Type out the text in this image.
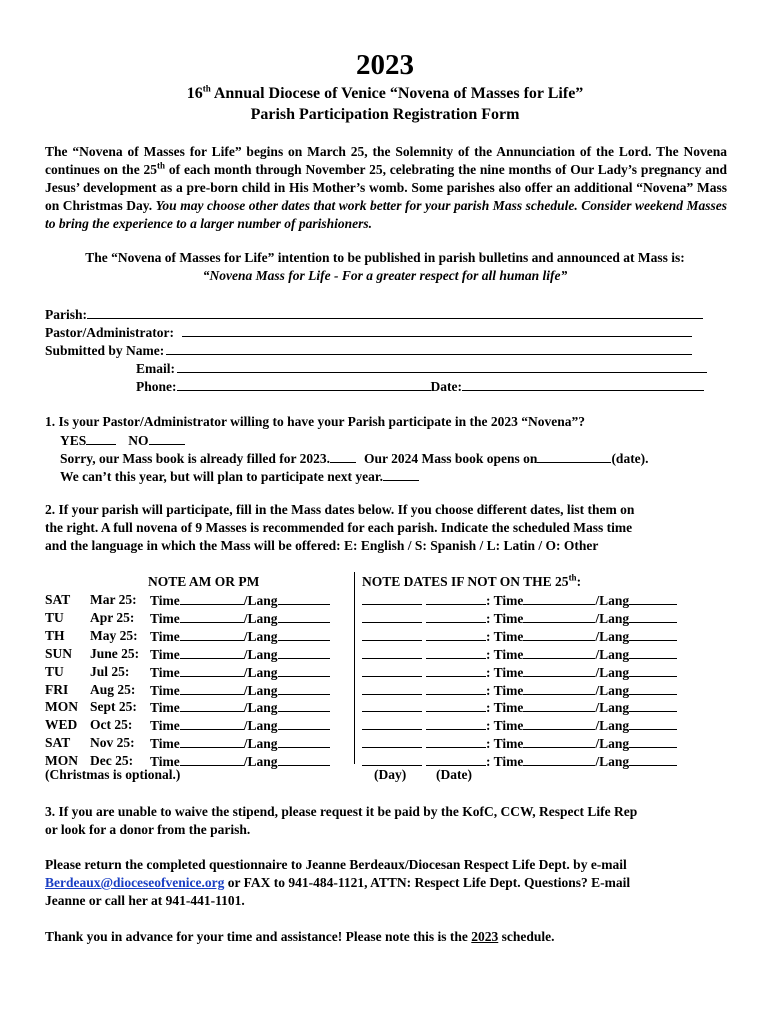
2023
16th Annual Diocese of Venice “Novena of Masses for Life”
Parish Participation Registration Form
The “Novena of Masses for Life” begins on March 25, the Solemnity of the Annunciation of the Lord. The Novena continues on the 25th of each month through November 25, celebrating the nine months of Our Lady’s pregnancy and Jesus’ development as a pre-born child in His Mother’s womb. Some parishes also offer an additional “Novena” Mass on Christmas Day. You may choose other dates that work better for your parish Mass schedule. Consider weekend Masses to bring the experience to a larger number of parishioners.
The “Novena of Masses for Life” intention to be published in parish bulletins and announced at Mass is:
“Novena Mass for Life - For a greater respect for all human life”
Parish:
Pastor/Administrator:
Submitted by Name:
Email:
Phone:	Date:
1. Is your Pastor/Administrator willing to have your Parish participate in the 2023 “Novena”?
YES	NO
Sorry, our Mass book is already filled for 2023.	Our 2024 Mass book opens on	(date).
We can’t this year, but will plan to participate next year.
2. If your parish will participate, fill in the Mass dates below. If you choose different dates, list them on
the right. A full novena of 9 Masses is recommended for each parish. Indicate the scheduled Mass time
and the language in which the Mass will be offered: E: English / S: Spanish / L: Latin / O: Other
NOTE AM OR PM	NOTE DATES IF NOT ON THE 25th:
SAT Mar 25: Time	/Lang	: Time	/Lang
TU Apr 25: Time	/Lang	: Time	/Lang
TH May 25: Time	/Lang	: Time	/Lang
SUN June 25: Time	/Lang	: Time	/Lang
TU Jul 25: Time	/Lang	: Time	/Lang
FRI Aug 25: Time	/Lang	: Time	/Lang
MON Sept 25: Time	/Lang	: Time	/Lang
WED Oct 25: Time	/Lang	: Time	/Lang
SAT Nov 25: Time	/Lang	: Time	/Lang
MON Dec 25: Time	/Lang	: Time	/Lang
(Christmas is optional.)	(Day) (Date)
3. If you are unable to waive the stipend, please request it be paid by the KofC, CCW, Respect Life Rep
or look for a donor from the parish.
Please return the completed questionnaire to Jeanne Berdeaux/Diocesan Respect Life Dept. by e-mail
Berdeaux@dioceseofvenice.org or FAX to 941-484-1121, ATTN: Respect Life Dept. Questions? E-mail
Jeanne or call her at 941-441-1101.
Thank you in advance for your time and assistance! Please note this is the 2023 schedule.
